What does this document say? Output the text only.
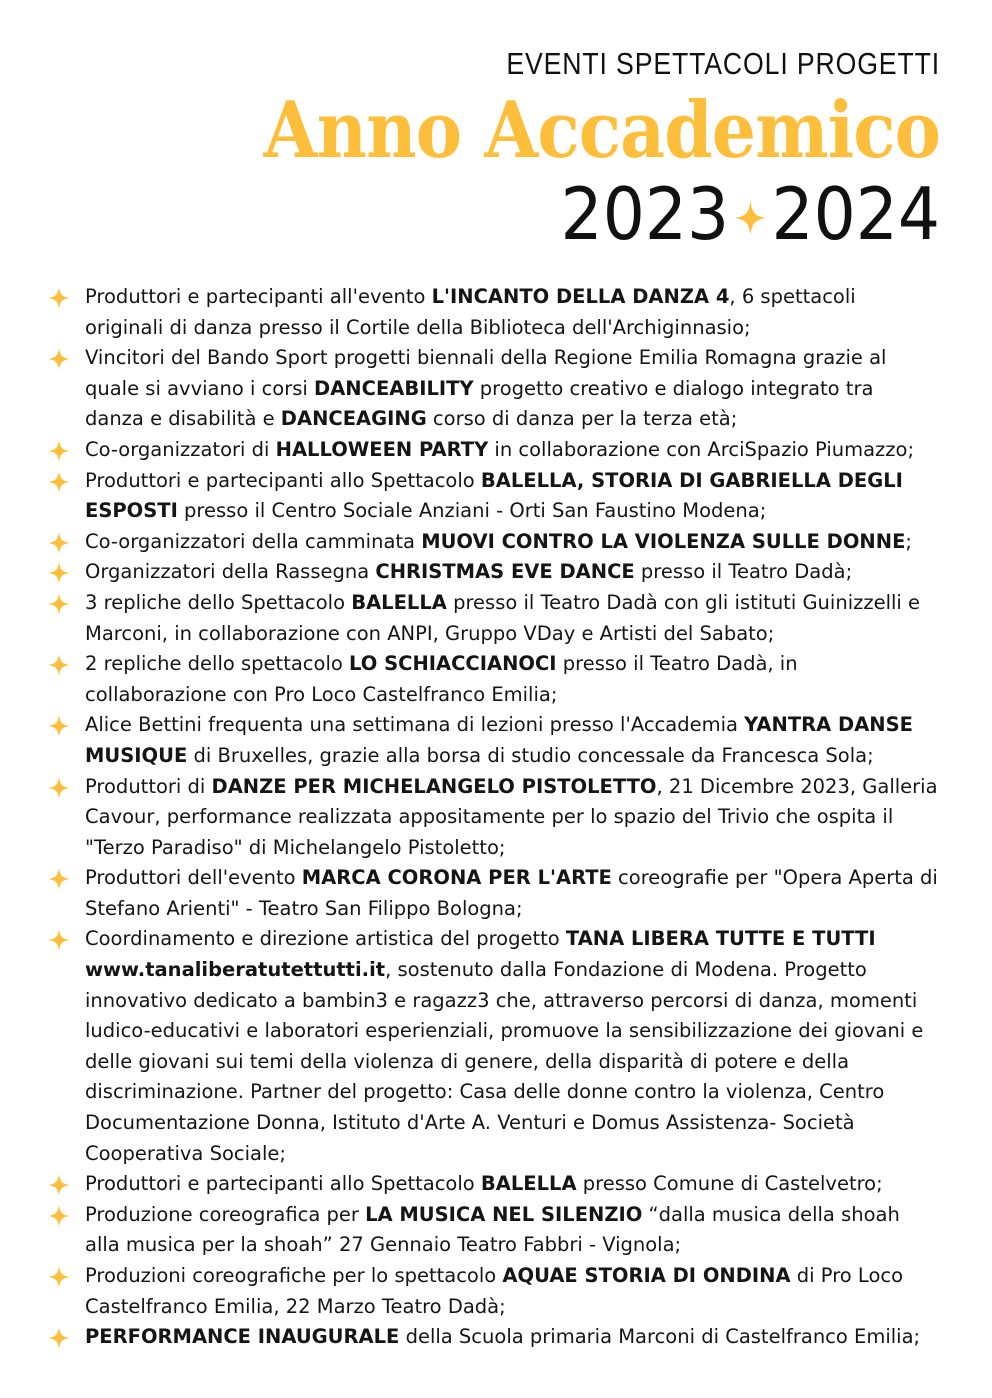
EVENTI SPETTACOLI PROGETTI
Anno Accademico
2023 2024
Produttori e partecipanti all'evento L'INCANTO DELLA DANZA 4, 6 spettacoli originali di danza presso il Cortile della Biblioteca dell'Archiginnasio;
Vincitori del Bando Sport progetti biennali della Regione Emilia Romagna grazie al quale si avviano i corsi DANCEABILITY progetto creativo e dialogo integrato tra danza e disabilità e DANCEAGING corso di danza per la terza età;
Co-organizzatori di HALLOWEEN PARTY in collaborazione con ArciSpazio Piumazzo;
Produttori e partecipanti allo Spettacolo BALELLA, STORIA DI GABRIELLA DEGLI ESPOSTI presso il Centro Sociale Anziani - Orti San Faustino Modena;
Co-organizzatori della camminata MUOVI CONTRO LA VIOLENZA SULLE DONNE;
Organizzatori della Rassegna CHRISTMAS EVE DANCE presso il Teatro Dadà;
3 repliche dello Spettacolo BALELLA presso il Teatro Dadà con gli istituti Guinizzelli e Marconi, in collaborazione con ANPI, Gruppo VDay e Artisti del Sabato;
2 repliche dello spettacolo LO SCHIACCIANOCI presso il Teatro Dadà, in collaborazione con Pro Loco Castelfranco Emilia;
Alice Bettini frequenta una settimana di lezioni presso l'Accademia YANTRA DANSE MUSIQUE di Bruxelles, grazie alla borsa di studio concessale da Francesca Sola;
Produttori di DANZE PER MICHELANGELO PISTOLETTO, 21 Dicembre 2023, Galleria Cavour, performance realizzata appositamente per lo spazio del Trivio che ospita il "Terzo Paradiso" di Michelangelo Pistoletto;
Produttori dell'evento MARCA CORONA PER L'ARTE coreografie per "Opera Aperta di Stefano Arienti" - Teatro San Filippo Bologna;
Coordinamento e direzione artistica del progetto TANA LIBERA TUTTE E TUTTI www.tanaliberatutettutti.it, sostenuto dalla Fondazione di Modena. Progetto innovativo dedicato a bambin3 e ragazz3 che, attraverso percorsi di danza, momenti ludico-educativi e laboratori esperienziali, promuove la sensibilizzazione dei giovani e delle giovani sui temi della violenza di genere, della disparità di potere e della discriminazione. Partner del progetto: Casa delle donne contro la violenza, Centro Documentazione Donna, Istituto d'Arte A. Venturi e Domus Assistenza- Società Cooperativa Sociale;
Produttori e partecipanti allo Spettacolo BALELLA presso Comune di Castelvetro;
Produzione coreografica per LA MUSICA NEL SILENZIO “dalla musica della shoah alla musica per la shoah” 27 Gennaio Teatro Fabbri - Vignola;
Produzioni coreografiche per lo spettacolo AQUAE STORIA DI ONDINA di Pro Loco Castelfranco Emilia, 22 Marzo Teatro Dadà;
PERFORMANCE INAUGURALE della Scuola primaria Marconi di Castelfranco Emilia;
